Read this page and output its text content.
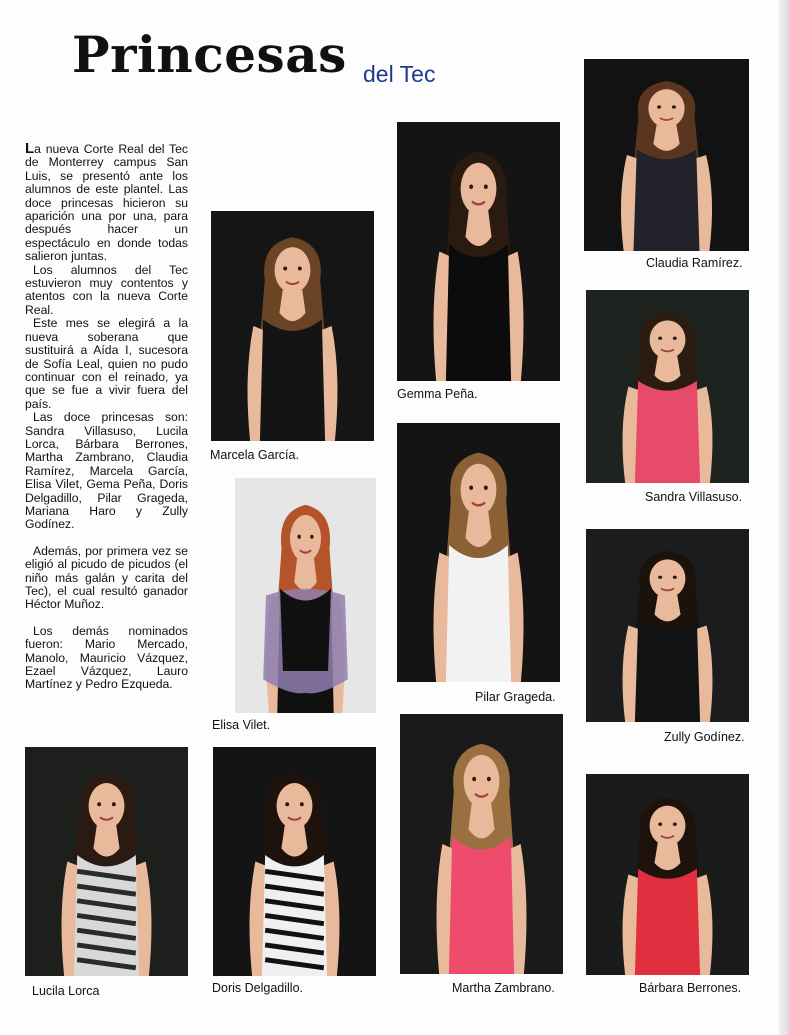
Princesas del Tec

La nueva Corte Real del Tec de Monterrey campus San Luis, se presentó ante los alumnos de este plantel. Las doce princesas hicieron su aparición una por una, para después hacer un espectáculo en donde todas salieron juntas.

Los alumnos del Tec estuvieron muy contentos y atentos con la nueva Corte Real.

Este mes se elegirá a la nueva soberana que sustituirá a Aída I, sucesora de Sofía Leal, quien no pudo continuar con el reinado, ya que se fue a vivir fuera del país.

Las doce princesas son: Sandra Villasuso, Lucila Lorca, Bárbara Berrones, Martha Zambrano, Claudia Ramírez, Marcela García, Elisa Vilet, Gema Peña, Doris Delgadillo, Pilar Grageda, Mariana Haro y Zully Godínez.

Además, por primera vez se eligió al picudo de picudos (el niño más galán y carita del Tec), el cual resultó ganador Héctor Muñoz.

Los demás nominados fueron: Mario Mercado, Manolo, Mauricio Vázquez, Ezael Vázquez, Lauro Martínez y Pedro Ezqueda.

Marcela García.
Gemma Peña.
Claudia Ramírez.
Sandra Villasuso.
Elisa Vilet.
Pilar Grageda.
Zully Godínez.
Lucila Lorca	Doris Delgadillo.	Martha Zambrano.	Bárbara Berrones.
